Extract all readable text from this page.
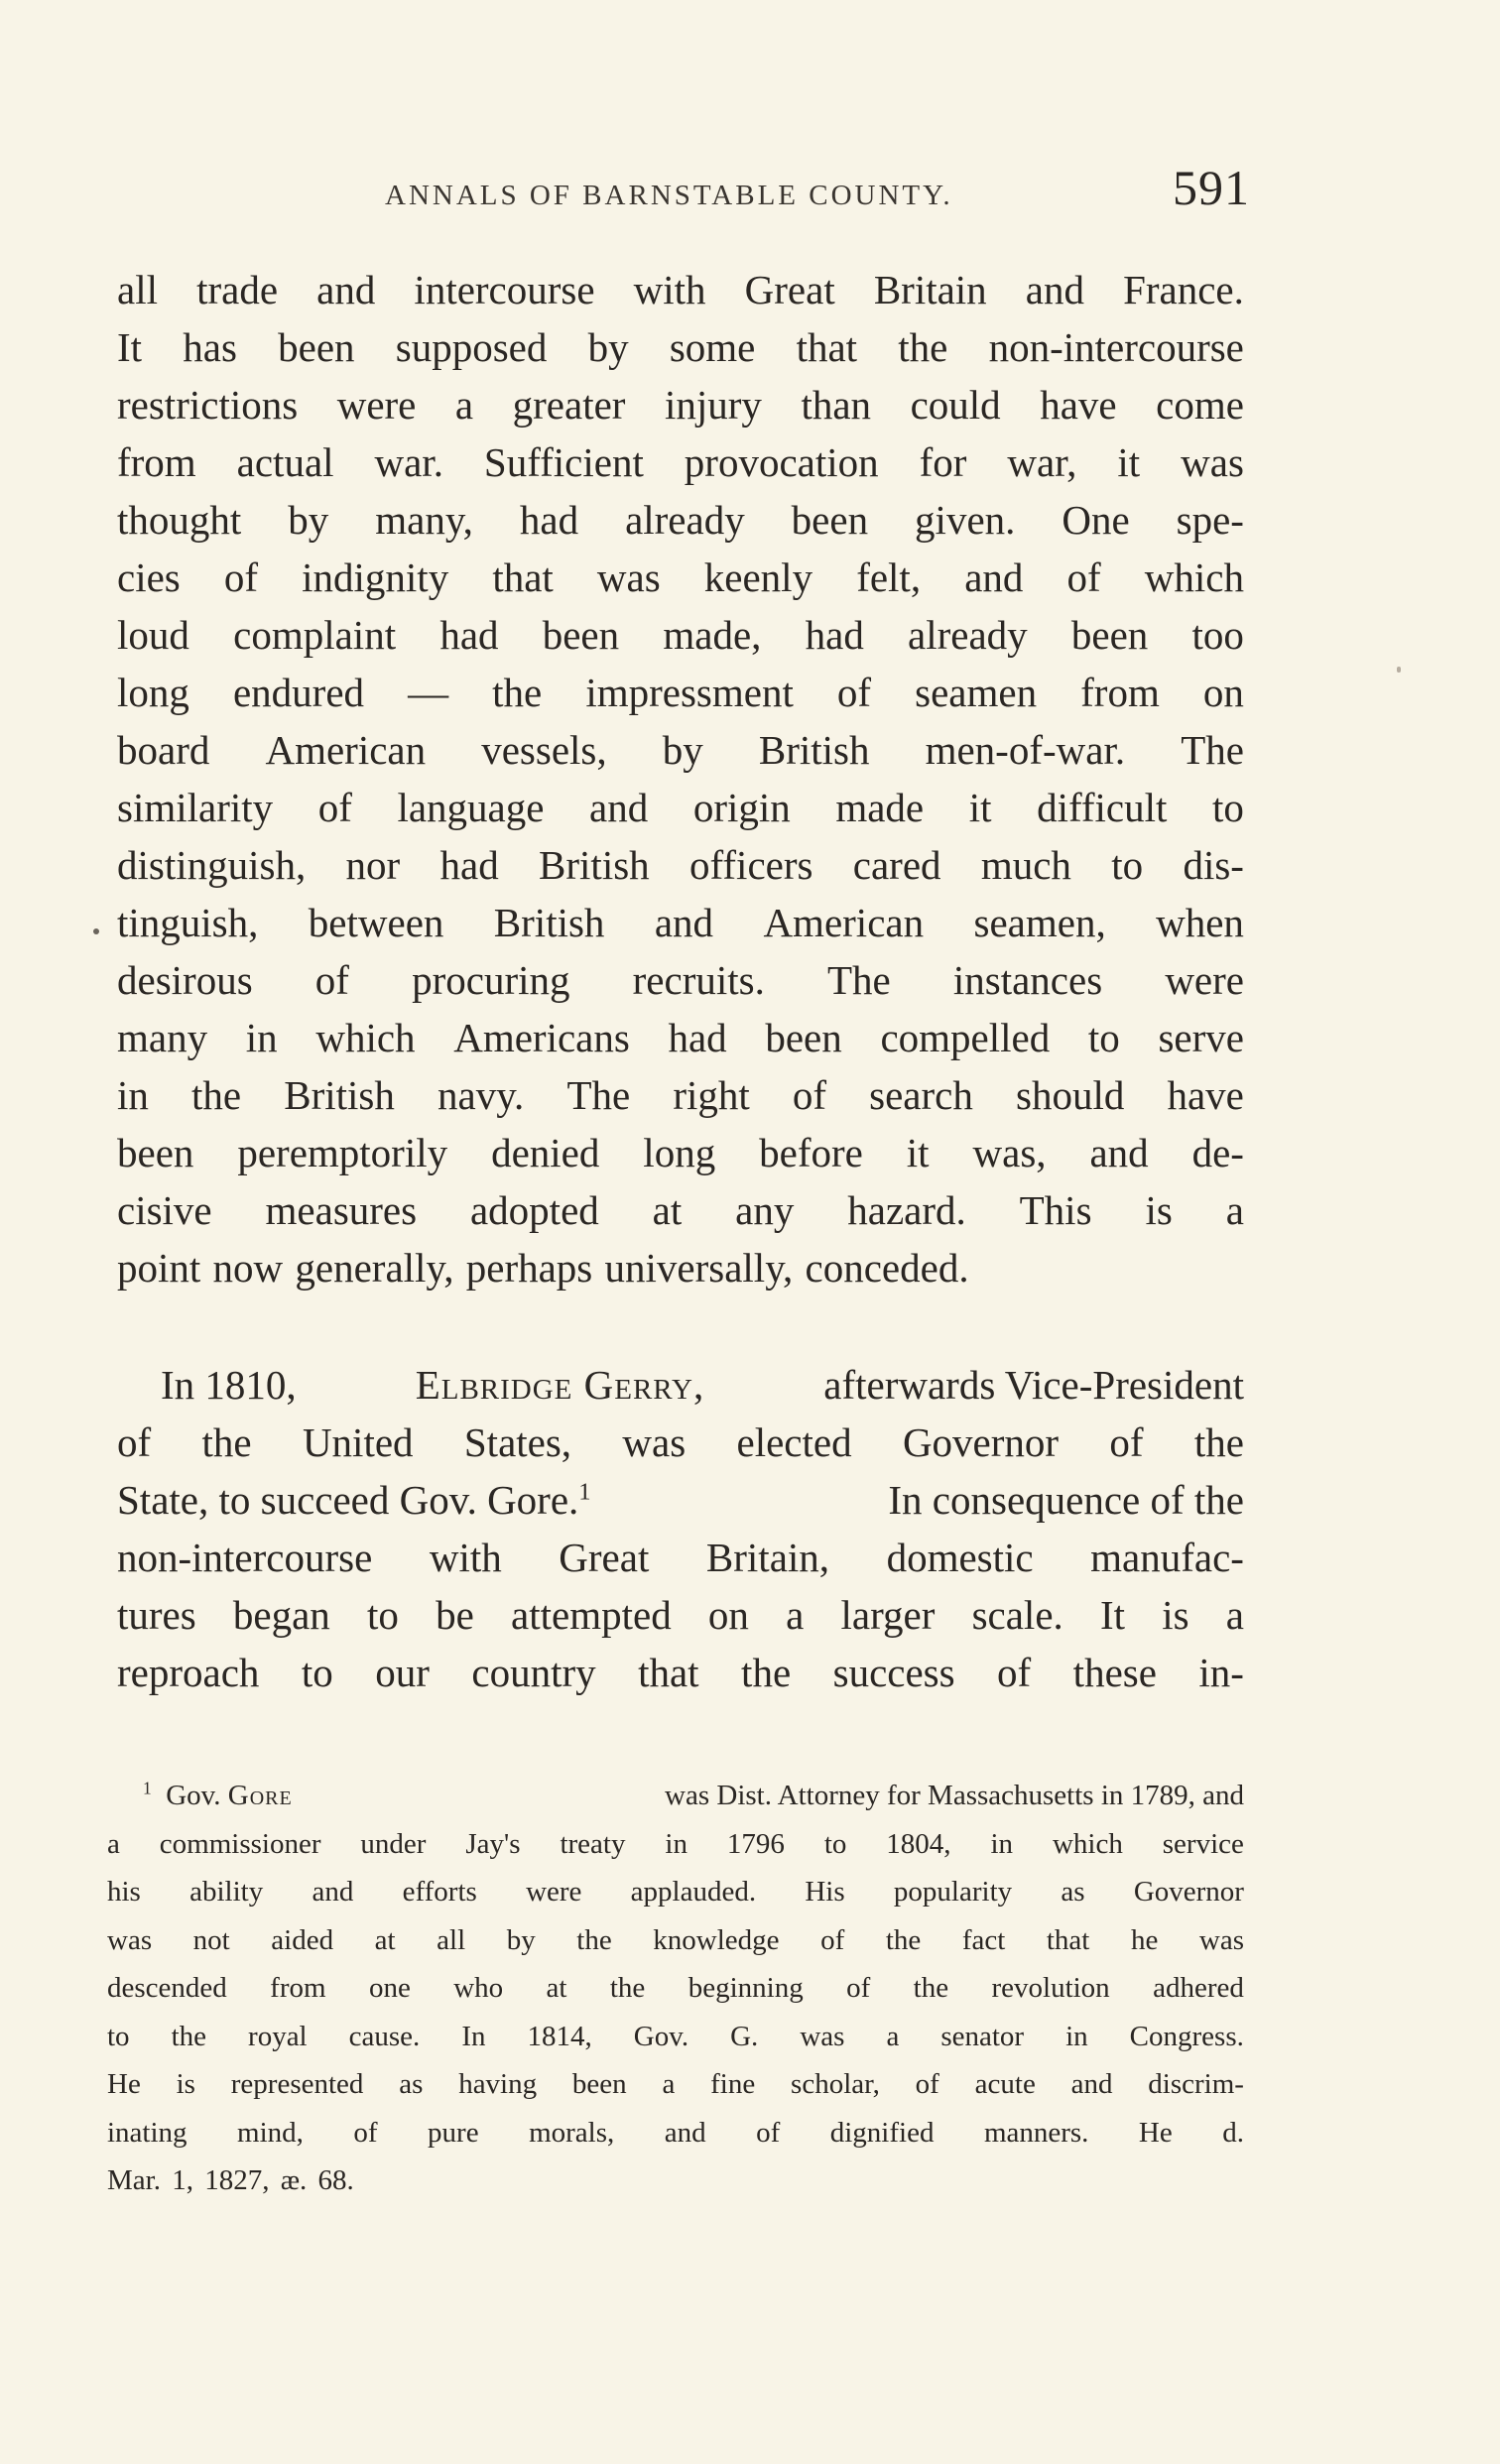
ANNALS OF BARNSTABLE COUNTY.	591
all trade and intercourse with Great Britain and France.
It has been supposed by some that the non-intercourse
restrictions were a greater injury than could have come
from actual war. Sufficient provocation for war, it was
thought by many, had already been given. One spe-
cies of indignity that was keenly felt, and of which
loud complaint had been made, had already been too
long endured — the impressment of seamen from on
board American vessels, by British men-of-war. The
similarity of language and origin made it difficult to
distinguish, nor had British officers cared much to dis-
tinguish, between British and American seamen, when
desirous of procuring recruits. The instances were
many in which Americans had been compelled to serve
in the British navy. The right of search should have
been peremptorily denied long before it was, and de-
cisive measures adopted at any hazard. This is a
point now generally, perhaps universally, conceded.
In 1810,	Elbridge Gerry,	afterwards Vice-President
of the United States, was elected Governor of the
State, to succeed Gov. Gore.$^1$	In consequence of the
non-intercourse with Great Britain, domestic manufac-
tures began to be attempted on a larger scale. It is a
reproach to our country that the success of these in-
$^1$ Gov. Gore	was Dist. Attorney for Massachusetts in 1789, and
a commissioner under Jay's treaty in 1796 to 1804, in which service
his ability and efforts were applauded. His popularity as Governor
was not aided at all by the knowledge of the fact that he was
descended from one who at the beginning of the revolution adhered
to the royal cause. In 1814, Gov. G. was a senator in Congress.
He is represented as having been a fine scholar, of acute and discrim-
inating mind, of pure morals, and of dignified manners. He d.
Mar. 1, 1827, æ. 68.
